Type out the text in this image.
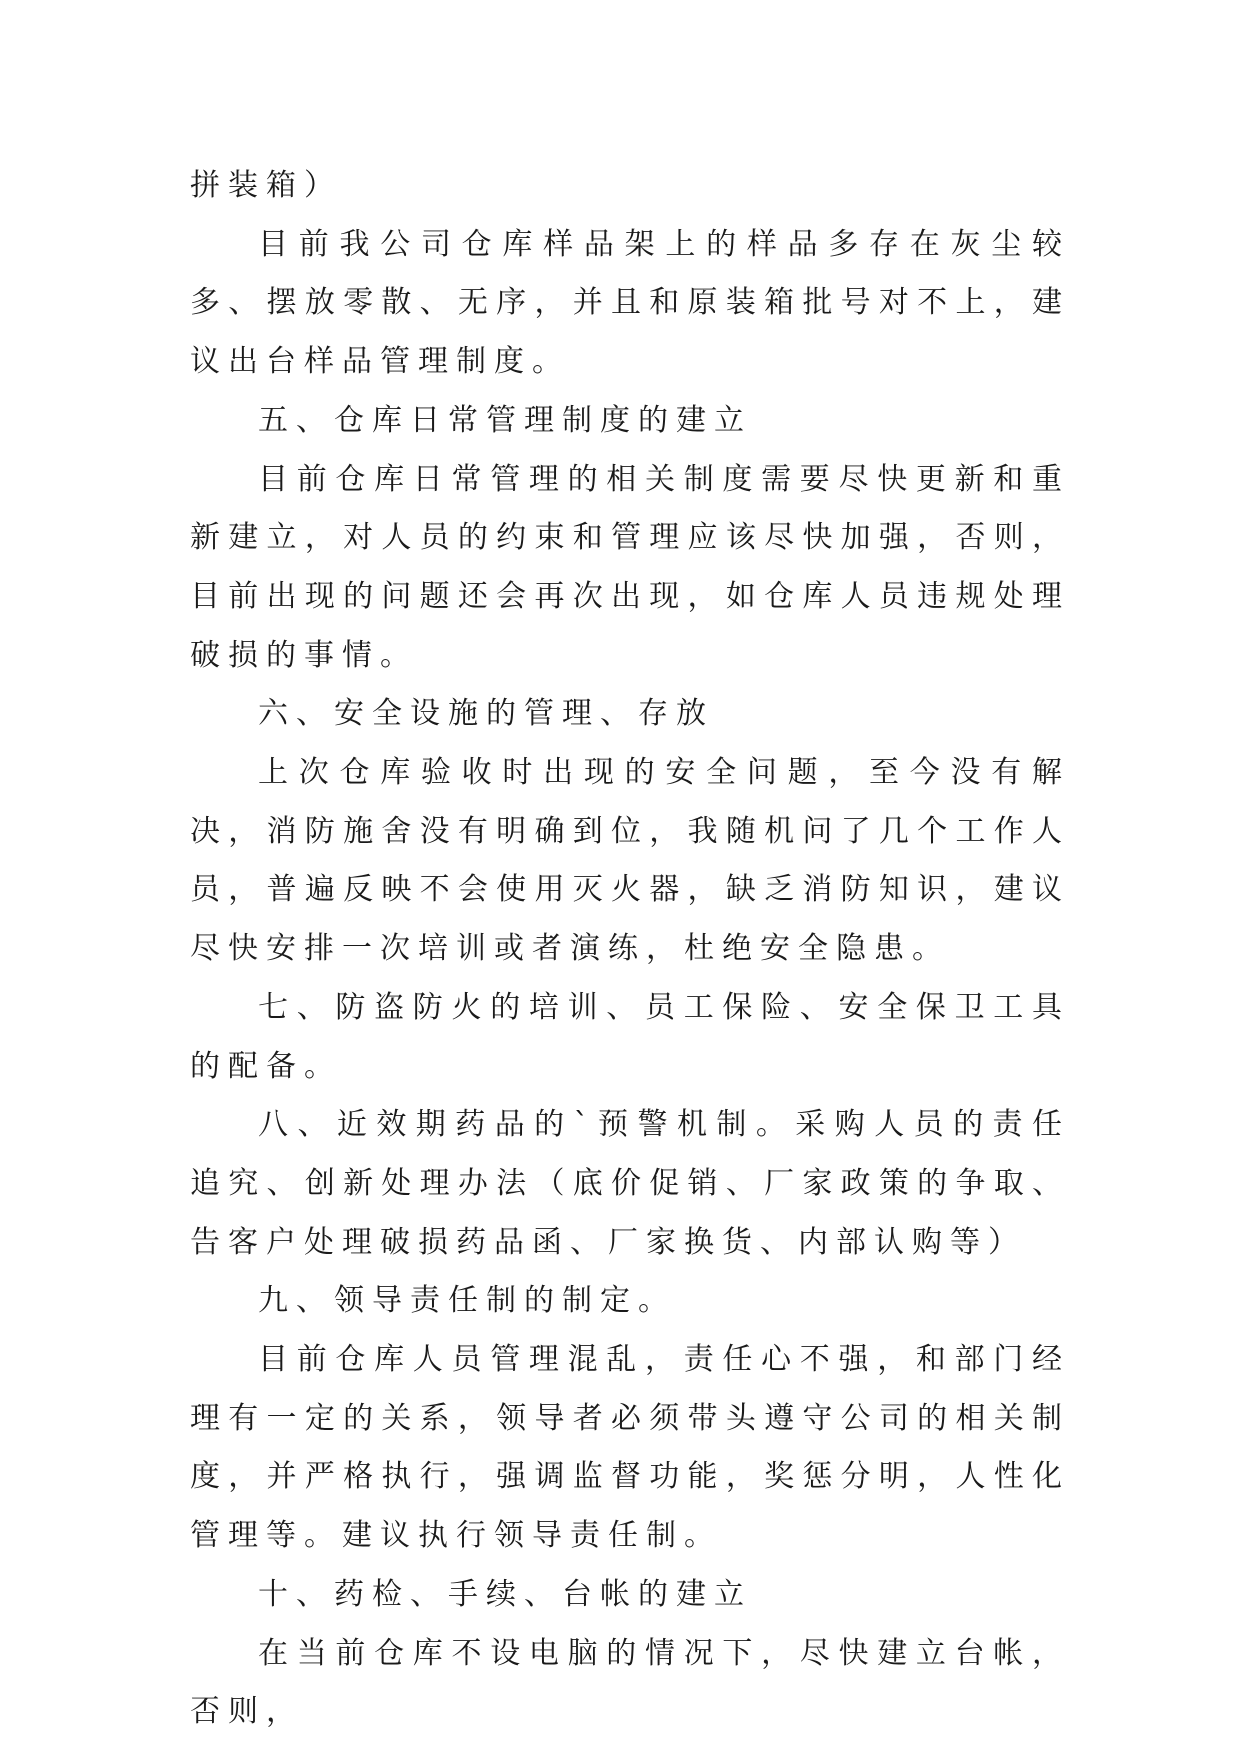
拼装箱）

目前我公司仓库样品架上的样品多存在灰尘较多、摆放零散、无序，并且和原装箱批号对不上，建议出台样品管理制度。

五、仓库日常管理制度的建立

目前仓库日常管理的相关制度需要尽快更新和重新建立，对人员的约束和管理应该尽快加强，否则，目前出现的问题还会再次出现，如仓库人员违规处理破损的事情。

六、安全设施的管理、存放

上次仓库验收时出现的安全问题，至今没有解决，消防施舍没有明确到位，我随机问了几个工作人员，普遍反映不会使用灭火器，缺乏消防知识，建议尽快安排一次培训或者演练，杜绝安全隐患。

七、防盗防火的培训、员工保险、安全保卫工具的配备。

八、近效期药品的`预警机制。采购人员的责任追究、创新处理办法（底价促销、厂家政策的争取、告客户处理破损药品函、厂家换货、内部认购等）

九、领导责任制的制定。

目前仓库人员管理混乱，责任心不强，和部门经理有一定的关系，领导者必须带头遵守公司的相关制度，并严格执行，强调监督功能，奖惩分明，人性化管理等。建议执行领导责任制。

十、药检、手续、台帐的建立

在当前仓库不设电脑的情况下，尽快建立台帐，否则，
